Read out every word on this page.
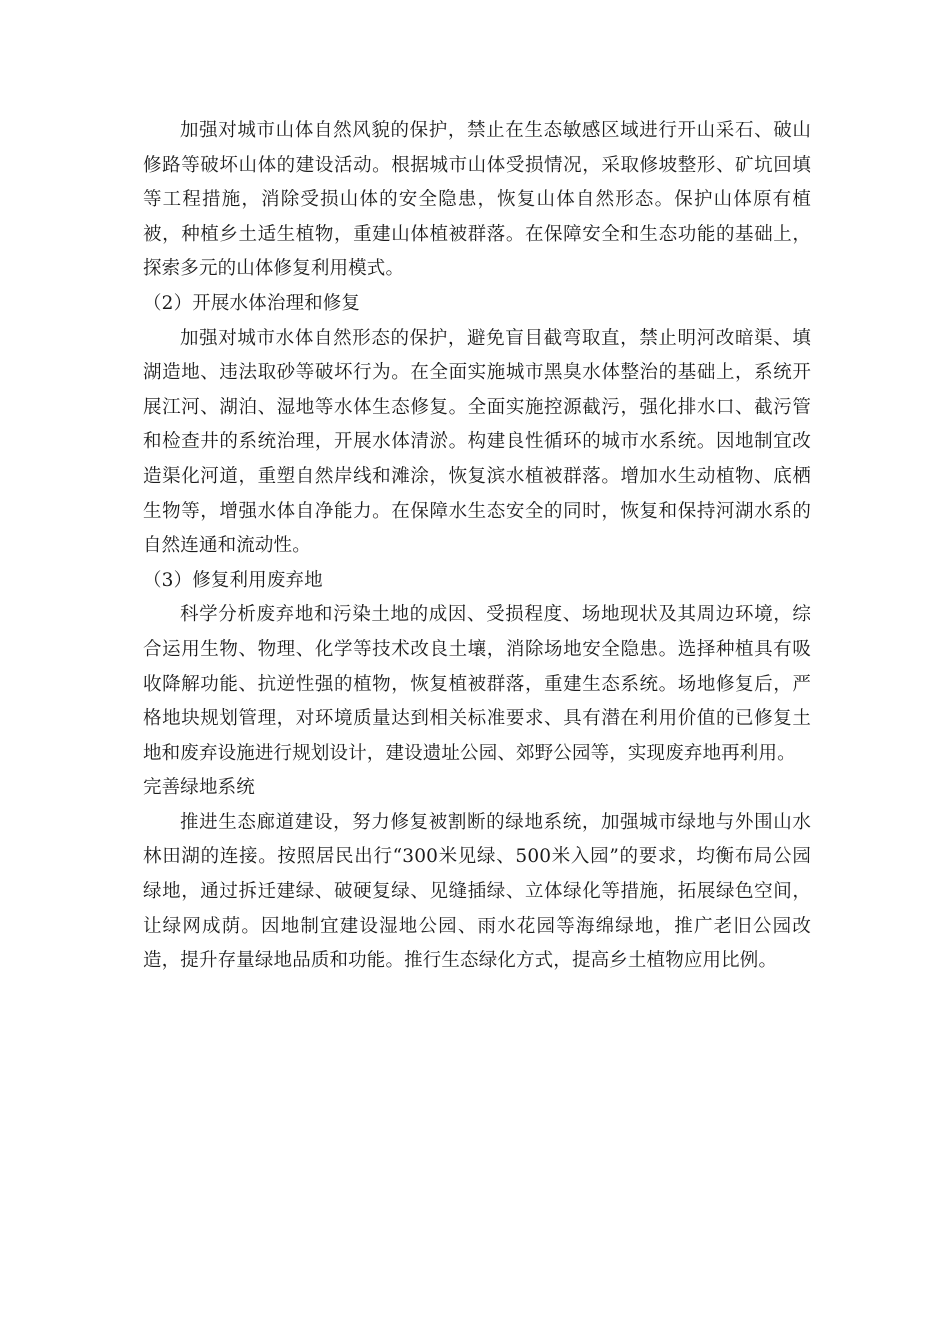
加强对城市山体自然风貌的保护，禁止在生态敏感区域进行开山采石、破山修路等破坏山体的建设活动。根据城市山体受损情况，采取修坡整形、矿坑回填等工程措施，消除受损山体的安全隐患，恢复山体自然形态。保护山体原有植被，种植乡土适生植物，重建山体植被群落。在保障安全和生态功能的基础上，探索多元的山体修复利用模式。

（2）开展水体治理和修复

加强对城市水体自然形态的保护，避免盲目截弯取直，禁止明河改暗渠、填湖造地、违法取砂等破坏行为。在全面实施城市黑臭水体整治的基础上，系统开展江河、湖泊、湿地等水体生态修复。全面实施控源截污，强化排水口、截污管和检查井的系统治理，开展水体清淤。构建良性循环的城市水系统。因地制宜改造渠化河道，重塑自然岸线和滩涂，恢复滨水植被群落。增加水生动植物、底栖生物等，增强水体自净能力。在保障水生态安全的同时，恢复和保持河湖水系的自然连通和流动性。

（3）修复利用废弃地

科学分析废弃地和污染土地的成因、受损程度、场地现状及其周边环境，综合运用生物、物理、化学等技术改良土壤，消除场地安全隐患。选择种植具有吸收降解功能、抗逆性强的植物，恢复植被群落，重建生态系统。场地修复后，严格地块规划管理，对环境质量达到相关标准要求、具有潜在利用价值的已修复土地和废弃设施进行规划设计，建设遗址公园、郊野公园等，实现废弃地再利用。

完善绿地系统

推进生态廊道建设，努力修复被割断的绿地系统，加强城市绿地与外围山水林田湖的连接。按照居民出行“300米见绿、500米入园”的要求，均衡布局公园绿地，通过拆迁建绿、破硬复绿、见缝插绿、立体绿化等措施，拓展绿色空间，让绿网成荫。因地制宜建设湿地公园、雨水花园等海绵绿地，推广老旧公园改造，提升存量绿地品质和功能。推行生态绿化方式，提高乡土植物应用比例。
